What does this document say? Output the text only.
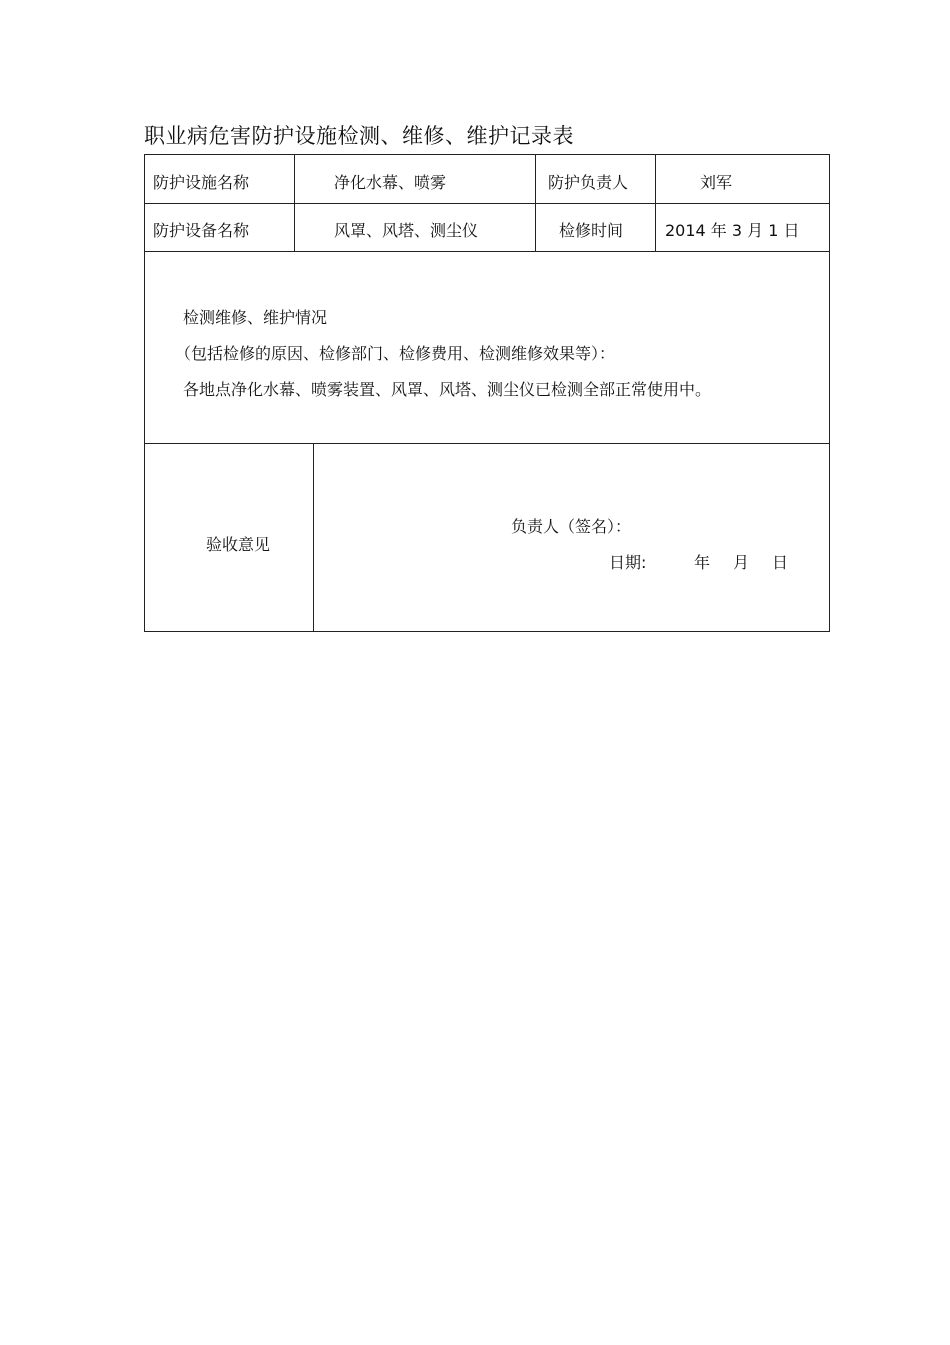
职业病危害防护设施检测、维修、维护记录表
防护设施名称	净化水幕、喷雾	防护负责人	刘军
防护设备名称	风罩、风塔、测尘仪	检修时间	2014 年 3 月 1 日
检测维修、维护情况
（包括检修的原因、检修部门、检修费用、检测维修效果等）：
各地点净化水幕、喷雾装置、风罩、风塔、测尘仪已检测全部正常使用中。
验收意见
负责人（签名）：
日期:	年 月 日
